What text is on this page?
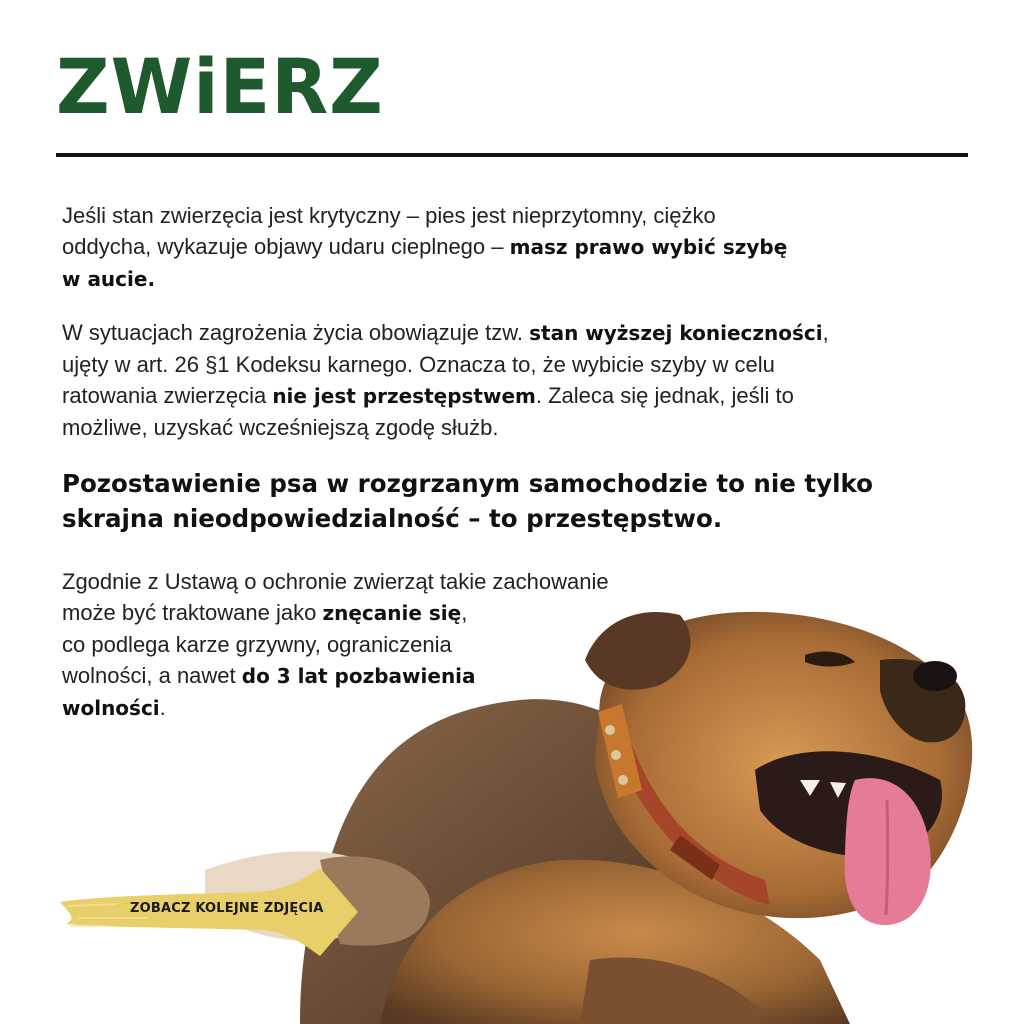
ZWiERZ

Jeśli stan zwierzęcia jest krytyczny – pies jest nieprzytomny, ciężko
oddycha, wykazuje objawy udaru cieplnego – masz prawo wybić szybę
w aucie.

W sytuacjach zagrożenia życia obowiązuje tzw. stan wyższej konieczności,
ujęty w art. 26 §1 Kodeksu karnego. Oznacza to, że wybicie szyby w celu
ratowania zwierzęcia nie jest przestępstwem. Zaleca się jednak, jeśli to
możliwe, uzyskać wcześniejszą zgodę służb.

Pozostawienie psa w rozgrzanym samochodzie to nie tylko
skrajna nieodpowiedzialność – to przestępstwo.

Zgodnie z Ustawą o ochronie zwierząt takie zachowanie
może być traktowane jako znęcanie się,
co podlega karze grzywny, ograniczenia
wolności, a nawet do 3 lat pozbawienia
wolności.

ZOBACZ KOLEJNE ZDJĘCIA
